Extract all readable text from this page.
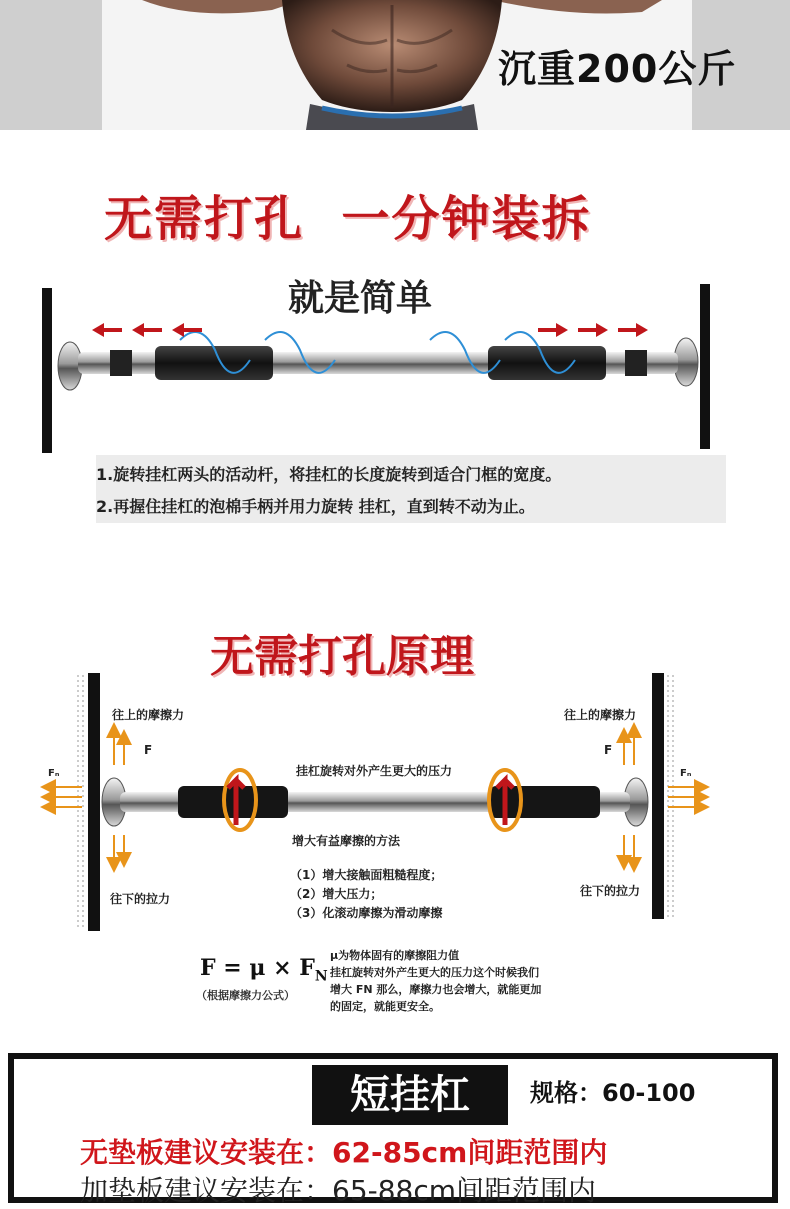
沉重200公斤
无需打孔  一分钟装拆
就是简单
1.旋转挂杠两头的活动杆，将挂杠的长度旋转到适合门框的宽度。
2.再握住挂杠的泡棉手柄并用力旋转 挂杠，直到转不动为止。
无需打孔原理
往上的摩擦力	往上的摩擦力
往下的拉力
往下的拉力
F	F
Fₙ	Fₙ
挂杠旋转对外产生更大的压力
增大有益摩擦的方法
（1）增大接触面粗糙程度；
（2）增大压力；
（3）化滚动摩擦为滑动摩擦
$F = \mu \times F_N$
（根据摩擦力公式）
μ为物体固有的摩擦阻力值
挂杠旋转对外产生更大的压力这个时候我们
增大 FN 那么，摩擦力也会增大，就能更加
的固定，就能更安全。
短挂杠	规格：60-100
无垫板建议安装在：62-85cm间距范围内
加垫板建议安装在：65-88cm间距范围内
